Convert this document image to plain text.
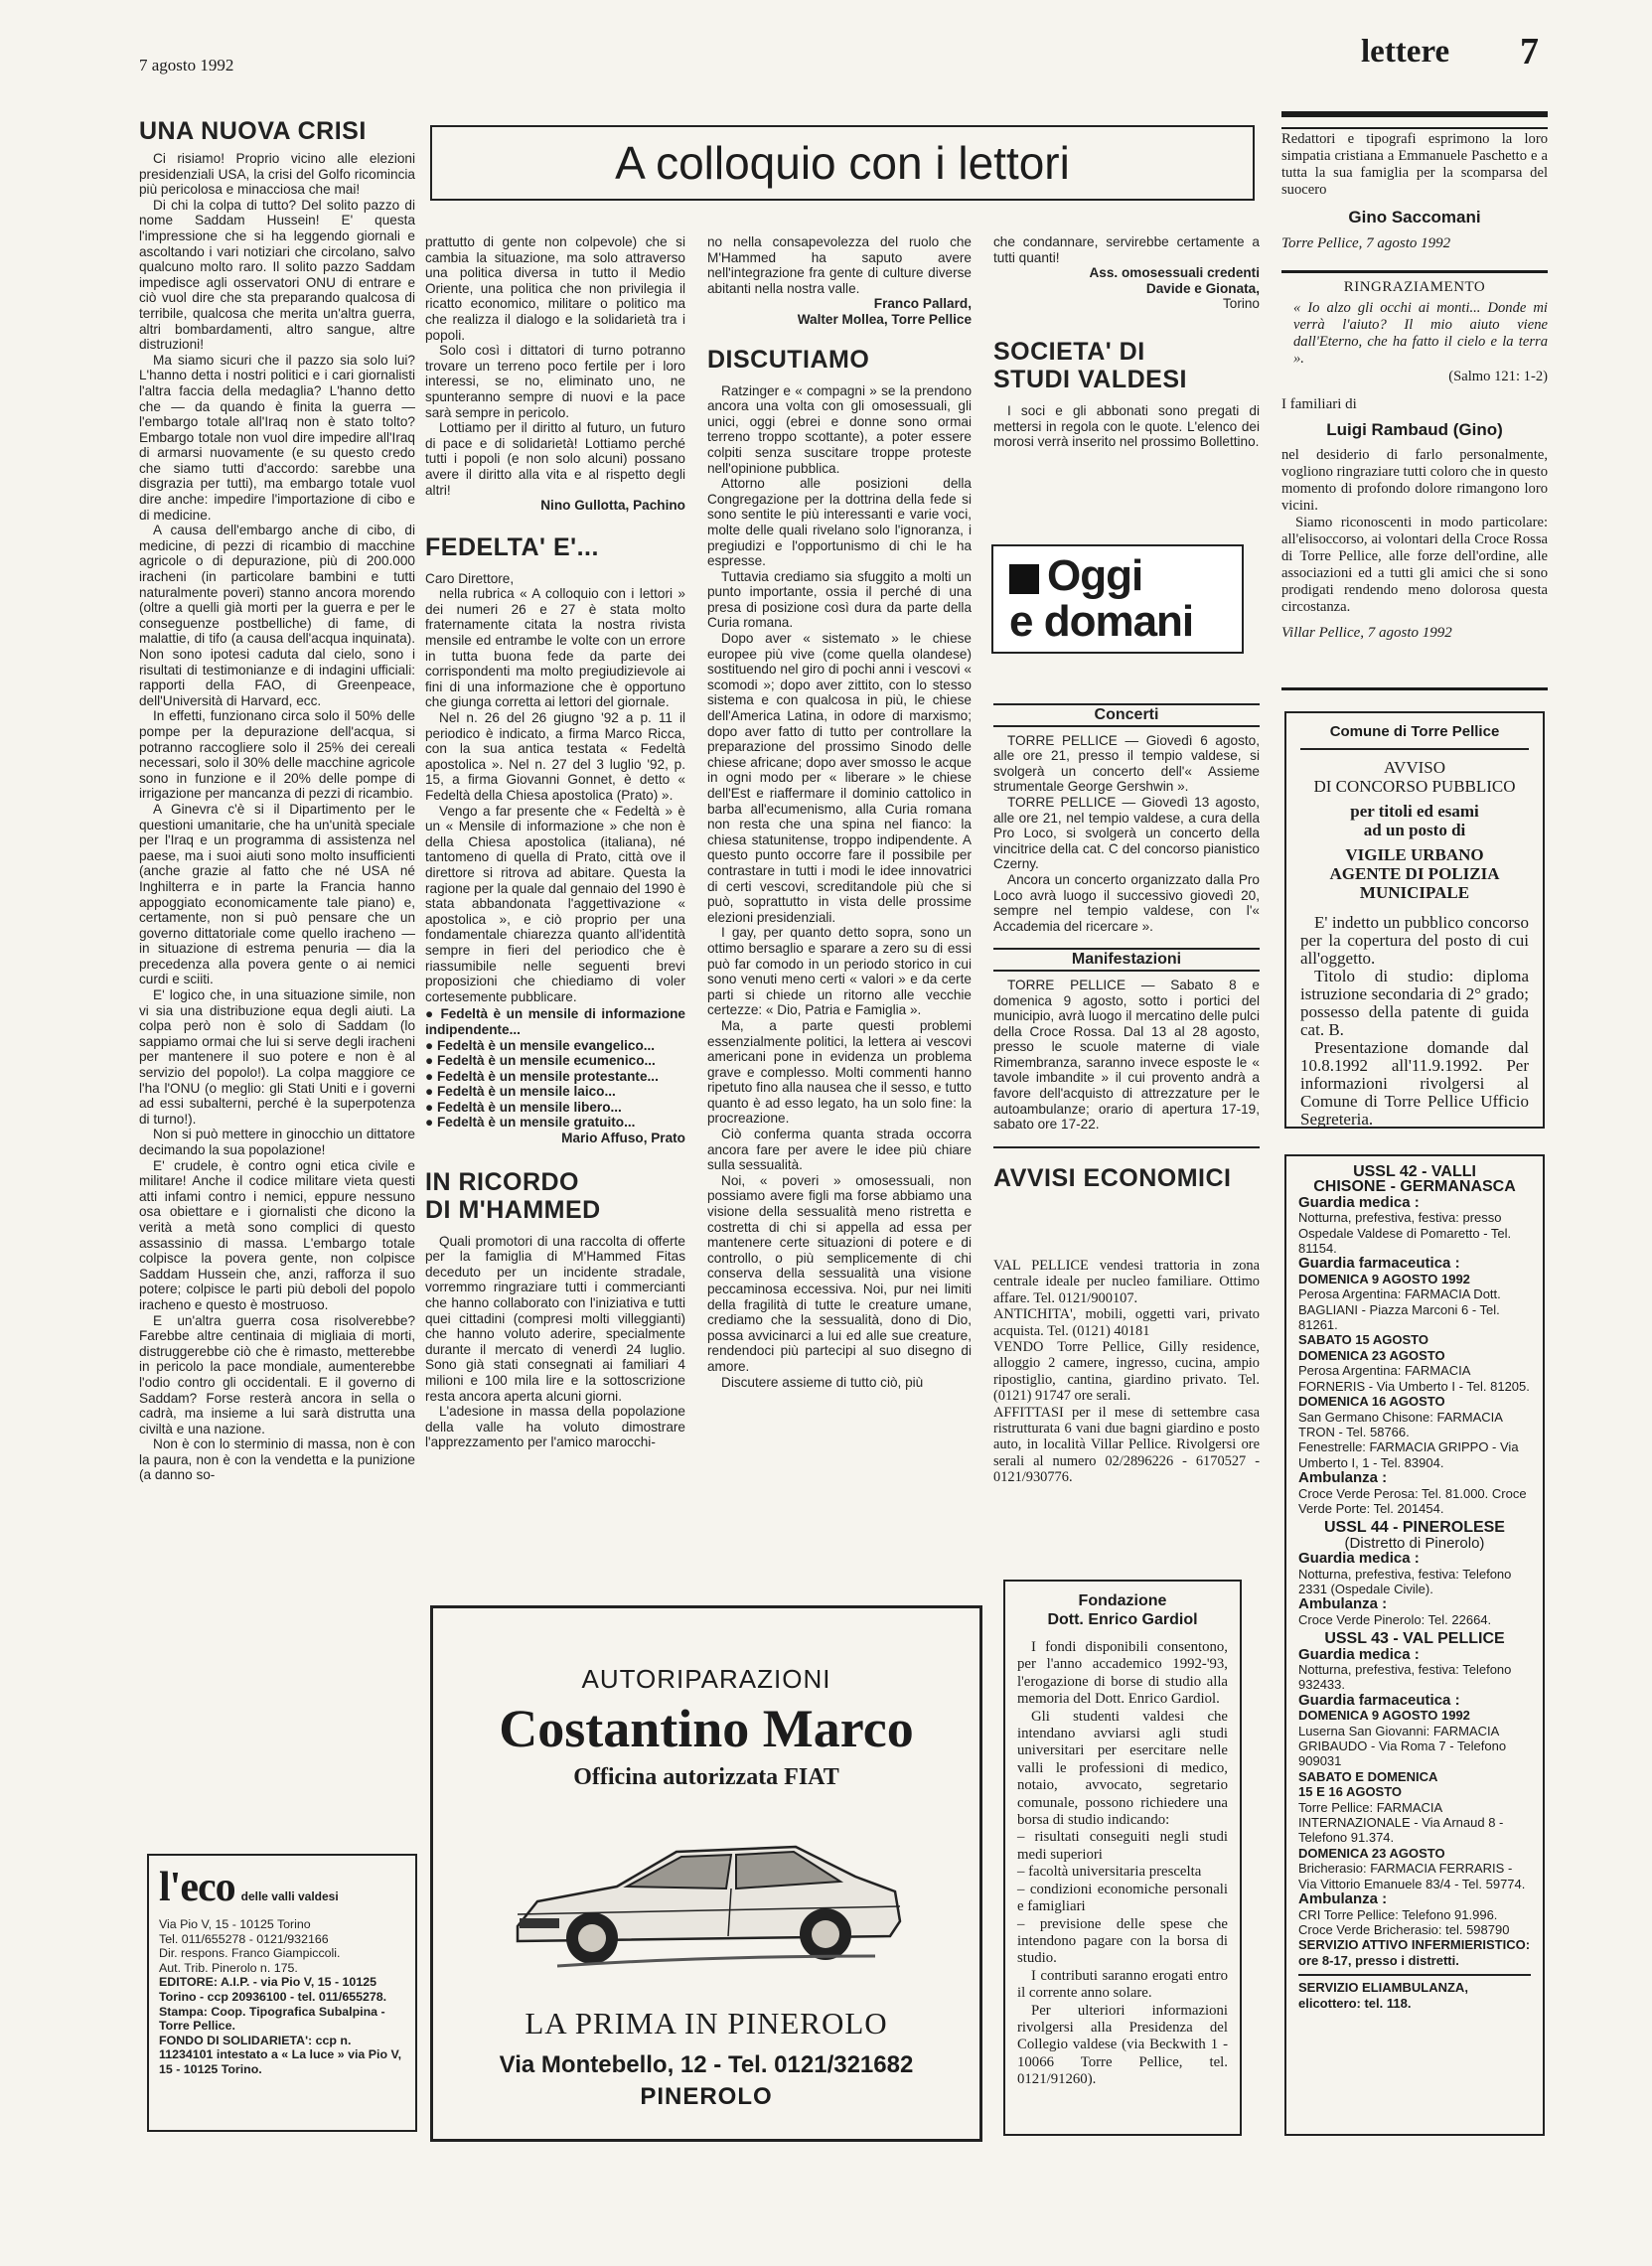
7 agosto 1992	lettere 7
A colloquio con i lettori
UNA NUOVA CRISI

Ci risiamo! Proprio vicino alle elezioni presidenziali USA, la crisi del Golfo ricomincia più pericolosa e minacciosa che mai!

Di chi la colpa di tutto? Del solito pazzo di nome Saddam Hussein! E' questa l'impressione che si ha leggendo giornali e ascoltando i vari notiziari che circolano, salvo qualcuno molto raro. Il solito pazzo Saddam impedisce agli osservatori ONU di entrare e ciò vuol dire che sta preparando qualcosa di terribile, qualcosa che merita un'altra guerra, altri bombardamenti, altro sangue, altre distruzioni!

Ma siamo sicuri che il pazzo sia solo lui? L'hanno detta i nostri politici e i cari giornalisti l'altra faccia della medaglia? L'hanno detto che — da quando è finita la guerra — l'embargo totale all'Iraq non è stato tolto? Embargo totale non vuol dire impedire all'Iraq di armarsi nuovamente (e su questo credo che siamo tutti d'accordo: sarebbe una disgrazia per tutti), ma embargo totale vuol dire anche: impedire l'importazione di cibo e di medicine.

A causa dell'embargo anche di cibo, di medicine, di pezzi di ricambio di macchine agricole o di depurazione, più di 200.000 iracheni (in particolare bambini e tutti naturalmente poveri) stanno ancora morendo (oltre a quelli già morti per la guerra e per le conseguenze postbelliche) di fame, di malattie, di tifo (a causa dell'acqua inquinata). Non sono ipotesi caduta dal cielo, sono i risultati di testimonianze e di indagini ufficiali: rapporti della FAO, di Greenpeace, dell'Università di Harvard, ecc.

In effetti, funzionano circa solo il 50% delle pompe per la depurazione dell'acqua, si potranno raccogliere solo il 25% dei cereali necessari, solo il 30% delle macchine agricole sono in funzione e il 20% delle pompe di irrigazione per mancanza di pezzi di ricambio.

A Ginevra c'è si il Dipartimento per le questioni umanitarie, che ha un'unità speciale per l'Iraq e un programma di assistenza nel paese, ma i suoi aiuti sono molto insufficienti (anche grazie al fatto che né USA né Inghilterra e in parte la Francia hanno appoggiato economicamente tale piano) e, certamente, non si può pensare che un governo dittatoriale come quello iracheno — in situazione di estrema penuria — dia la precedenza alla povera gente o ai nemici curdi e sciiti.

E' logico che, in una situazione simile, non vi sia una distribuzione equa degli aiuti. La colpa però non è solo di Saddam (lo sappiamo ormai che lui si serve degli iracheni per mantenere il suo potere e non è al servizio del popolo!). La colpa maggiore ce l'ha l'ONU (o meglio: gli Stati Uniti e i governi ad essi subalterni, perché è la superpotenza di turno!).

Non si può mettere in ginocchio un dittatore decimando la sua popolazione!

E' crudele, è contro ogni etica civile e militare! Anche il codice militare vieta questi atti infami contro i nemici, eppure nessuno osa obiettare e i giornalisti che dicono la verità a metà sono complici di questo assassinio di massa. L'embargo totale colpisce la povera gente, non colpisce Saddam Hussein che, anzi, rafforza il suo potere; colpisce le parti più deboli del popolo iracheno e questo è mostruoso.

E un'altra guerra cosa risolverebbe? Farebbe altre centinaia di migliaia di morti, distruggerebbe ciò che è rimasto, metterebbe in pericolo la pace mondiale, aumenterebbe l'odio contro gli occidentali. E il governo di Saddam? Forse resterà ancora in sella o cadrà, ma insieme a lui sarà distrutta una civiltà e una nazione.

Non è con lo sterminio di massa, non è con la paura, non è con la vendetta e la punizione (a danno so-

l'eco delle valli valdesi
Via Pio V, 15 - 10125 Torino
Tel. 011/655278 - 0121/932166
Dir. respons. Franco Giampiccoli.
Aut. Trib. Pinerolo n. 175.
EDITORE: A.I.P. - via Pio V, 15 - 10125 Torino - ccp 20936100 - tel. 011/655278.
Stampa: Coop. Tipografica Subalpina - Torre Pellice.
FONDO DI SOLIDARIETA': ccp n. 11234101 intestato a « La luce » via Pio V, 15 - 10125 Torino.

prattutto di gente non colpevole) che si cambia la situazione, ma solo attraverso una politica diversa in tutto il Medio Oriente, una politica che non privilegia il ricatto economico, militare o politico ma che realizza il dialogo e la solidarietà tra i popoli.

Solo così i dittatori di turno potranno trovare un terreno poco fertile per i loro interessi, se no, eliminato uno, ne spunteranno sempre di nuovi e la pace sarà sempre in pericolo.

Lottiamo per il diritto al futuro, un futuro di pace e di solidarietà! Lottiamo perché tutti i popoli (e non solo alcuni) possano avere il diritto alla vita e al rispetto degli altri!

Nino Gullotta, Pachino

FEDELTA' E'...

Caro Direttore,

nella rubrica « A colloquio con i lettori » dei numeri 26 e 27 è stata molto fraternamente citata la nostra rivista mensile ed entrambe le volte con un errore in tutta buona fede da parte dei corrispondenti ma molto pregiudizievole ai fini di una informazione che è opportuno che giunga corretta ai lettori del giornale.

Nel n. 26 del 26 giugno '92 a p. 11 il periodico è indicato, a firma Marco Ricca, con la sua antica testata « Fedeltà apostolica ». Nel n. 27 del 3 luglio '92, p. 15, a firma Giovanni Gonnet, è detto « Fedeltà della Chiesa apostolica (Prato) ».

Vengo a far presente che « Fedeltà » è un « Mensile di informazione » che non è della Chiesa apostolica (italiana), né tantomeno di quella di Prato, città ove il direttore si ritrova ad abitare. Questa la ragione per la quale dal gennaio del 1990 è stata abbandonata l'aggettivazione « apostolica », e ciò proprio per una fondamentale chiarezza quanto all'identità sempre in fieri del periodico che è riassumibile nelle seguenti brevi proposizioni che chiediamo di voler cortesemente pubblicare.

● Fedeltà è un mensile di informazione indipendente...
● Fedeltà è un mensile evangelico...
● Fedeltà è un mensile ecumenico...
● Fedeltà è un mensile protestante...
● Fedeltà è un mensile laico...
● Fedeltà è un mensile libero...
● Fedeltà è un mensile gratuito...

Mario Affuso, Prato

IN RICORDO
DI M'HAMMED

Quali promotori di una raccolta di offerte per la famiglia di M'Hammed Fitas deceduto per un incidente stradale, vorremmo ringraziare tutti i commercianti che hanno collaborato con l'iniziativa e tutti quei cittadini (compresi molti villeggianti) che hanno voluto aderire, specialmente durante il mercato di venerdì 24 luglio. Sono già stati consegnati ai familiari 4 milioni e 100 mila lire e la sottoscrizione resta ancora aperta alcuni giorni.

L'adesione in massa della popolazione della valle ha voluto dimostrare l'apprezzamento per l'amico marocchi-

no nella consapevolezza del ruolo che M'Hammed ha saputo avere nell'integrazione fra gente di culture diverse abitanti nella nostra valle.

Franco Pallard,

Walter Mollea, Torre Pellice

DISCUTIAMO

Ratzinger e « compagni » se la prendono ancora una volta con gli omosessuali, gli unici, oggi (ebrei e donne sono ormai terreno troppo scottante), a poter essere colpiti senza suscitare troppe proteste nell'opinione pubblica.

Attorno alle posizioni della Congregazione per la dottrina della fede si sono sentite le più interessanti e varie voci, molte delle quali rivelano solo l'ignoranza, i pregiudizi e l'opportunismo di chi le ha espresse.

Tuttavia crediamo sia sfuggito a molti un punto importante, ossia il perché di una presa di posizione così dura da parte della Curia romana.

Dopo aver « sistemato » le chiese europee più vive (come quella olandese) sostituendo nel giro di pochi anni i vescovi « scomodi »; dopo aver zittito, con lo stesso sistema e con qualcosa in più, le chiese dell'America Latina, in odore di marxismo; dopo aver fatto di tutto per controllare la preparazione del prossimo Sinodo delle chiese africane; dopo aver smosso le acque in ogni modo per « liberare » le chiese dell'Est e riaffermare il dominio cattolico in barba all'ecumenismo, alla Curia romana non resta che una spina nel fianco: la chiesa statunitense, troppo indipendente. A questo punto occorre fare il possibile per contrastare in tutti i modi le idee innovatrici di certi vescovi, screditandole più che si può, soprattutto in vista delle prossime elezioni presidenziali.

I gay, per quanto detto sopra, sono un ottimo bersaglio e sparare a zero su di essi può far comodo in un periodo storico in cui sono venuti meno certi « valori » e da certe parti si chiede un ritorno alle vecchie certezze: « Dio, Patria e Famiglia ».

Ma, a parte questi problemi essenzialmente politici, la lettera ai vescovi americani pone in evidenza un problema grave e complesso. Molti commenti hanno ripetuto fino alla nausea che il sesso, e tutto quanto è ad esso legato, ha un solo fine: la procreazione.

Ciò conferma quanta strada occorra ancora fare per avere le idee più chiare sulla sessualità.

Noi, « poveri » omosessuali, non possiamo avere figli ma forse abbiamo una visione della sessualità meno ristretta e costretta di chi si appella ad essa per mantenere certe situazioni di potere e di controllo, o più semplicemente di chi conserva della sessualità una visione peccaminosa eccessiva. Noi, pur nei limiti della fragilità di tutte le creature umane, crediamo che la sessualità, dono di Dio, possa avvicinarci a lui ed alle sue creature, rendendoci più partecipi al suo disegno di amore.

Discutere assieme di tutto ciò, più

che condannare, servirebbe certamente a tutti quanti!

Ass. omosessuali credenti

Davide e Gionata,

Torino

SOCIETA' DI
STUDI VALDESI

I soci e gli abbonati sono pregati di mettersi in regola con le quote. L'elenco dei morosi verrà inserito nel prossimo Bollettino.

Oggi
e domani
Concerti

TORRE PELLICE — Giovedì 6 agosto, alle ore 21, presso il tempio valdese, si svolgerà un concerto dell'« Assieme strumentale George Gershwin ».

TORRE PELLICE — Giovedì 13 agosto, alle ore 21, nel tempio valdese, a cura della Pro Loco, si svolgerà un concerto della vincitrice della cat. C del concorso pianistico Czerny.

Ancora un concerto organizzato dalla Pro Loco avrà luogo il successivo giovedì 20, sempre nel tempio valdese, con l'« Accademia del ricercare ».

Manifestazioni

TORRE PELLICE — Sabato 8 e domenica 9 agosto, sotto i portici del municipio, avrà luogo il mercatino delle pulci della Croce Rossa. Dal 13 al 28 agosto, presso le scuole materne di viale Rimembranza, saranno invece esposte le « tavole imbandite » il cui provento andrà a favore dell'acquisto di attrezzature per le autoambulanze; orario di apertura 17-19, sabato ore 17-22.

AVVISI ECONOMICI

VAL PELLICE vendesi trattoria in zona centrale ideale per nucleo familiare. Ottimo affare. Tel. 0121/900107.

ANTICHITA', mobili, oggetti vari, privato acquista. Tel. (0121) 40181

VENDO Torre Pellice, Gilly residence, alloggio 2 camere, ingresso, cucina, ampio ripostiglio, cantina, giardino privato. Tel. (0121) 91747 ore serali.

AFFITTASI per il mese di settembre casa ristrutturata 6 vani due bagni giardino e posto auto, in località Villar Pellice. Rivolgersi ore serali al numero 02/2896226 - 6170527 - 0121/930776.

Fondazione
Dott. Enrico Gardiol

I fondi disponibili consentono, per l'anno accademico 1992-'93, l'erogazione di borse di studio alla memoria del Dott. Enrico Gardiol.

Gli studenti valdesi che intendano avviarsi agli studi universitari per esercitare nelle valli le professioni di medico, notaio, avvocato, segretario comunale, possono richiedere una borsa di studio indicando:

– risultati conseguiti negli studi medi superiori
– facoltà universitaria prescelta
– condizioni economiche personali e famigliari
– previsione delle spese che intendono pagare con la borsa di studio.

I contributi saranno erogati entro il corrente anno solare.

Per ulteriori informazioni rivolgersi alla Presidenza del Collegio valdese (via Beckwith 1 - 10066 Torre Pellice, tel. 0121/91260).

AUTORIPARAZIONI
Costantino Marco
Officina autorizzata FIAT
LA PRIMA IN PINEROLO
Via Montebello, 12 - Tel. 0121/321682
PINEROLO

Redattori e tipografi esprimono la loro simpatia cristiana a Emmanuele Paschetto e a tutta la sua famiglia per la scomparsa del suocero

Gino Saccomani
Torre Pellice, 7 agosto 1992
RINGRAZIAMENTO

« Io alzo gli occhi ai monti... Donde mi verrà l'aiuto? Il mio aiuto viene dall'Eterno, che ha fatto il cielo e la terra ».

(Salmo 121: 1-2)
I familiari di
Luigi Rambaud (Gino)

nel desiderio di farlo personalmente, vogliono ringraziare tutti coloro che in questo momento di profondo dolore rimangono loro vicini.

Siamo riconoscenti in modo particolare: all'elisoccorso, ai volontari della Croce Rossa di Torre Pellice, alle forze dell'ordine, alle associazioni ed a tutti gli amici che si sono prodigati rendendo meno dolorosa questa circostanza.

Villar Pellice, 7 agosto 1992
Comune di Torre Pellice
AVVISO
DI CONCORSO PUBBLICO
per titoli ed esami
ad un posto di
VIGILE URBANO
AGENTE DI POLIZIA
MUNICIPALE

E' indetto un pubblico concorso per la copertura del posto di cui all'oggetto.

Titolo di studio: diploma istruzione secondaria di 2° grado; possesso della patente di guida cat. B.

Presentazione domande dal 10.8.1992 all'11.9.1992. Per informazioni rivolgersi al Comune di Torre Pellice Ufficio Segreteria.

USSL 42 - VALLI
CHISONE - GERMANASCA
Guardia medica :
Notturna, prefestiva, festiva: presso Ospedale Valdese di Pomaretto - Tel. 81154.
Guardia farmaceutica :
DOMENICA 9 AGOSTO 1992
Perosa Argentina: FARMACIA Dott. BAGLIANI - Piazza Marconi 6 - Tel. 81261.
SABATO 15 AGOSTO
DOMENICA 23 AGOSTO
Perosa Argentina: FARMACIA FORNERIS - Via Umberto I - Tel. 81205.
DOMENICA 16 AGOSTO
San Germano Chisone: FARMACIA TRON - Tel. 58766.
Fenestrelle: FARMACIA GRIPPO - Via Umberto I, 1 - Tel. 83904.
Ambulanza :
Croce Verde Perosa: Tel. 81.000. Croce Verde Porte: Tel. 201454.
USSL 44 - PINEROLESE
(Distretto di Pinerolo)
Guardia medica :
Notturna, prefestiva, festiva: Telefono 2331 (Ospedale Civile).
Ambulanza :
Croce Verde Pinerolo: Tel. 22664.
USSL 43 - VAL PELLICE
Guardia medica :
Notturna, prefestiva, festiva: Telefono 932433.
Guardia farmaceutica :
DOMENICA 9 AGOSTO 1992
Luserna San Giovanni: FARMACIA GRIBAUDO - Via Roma 7 - Telefono 909031
SABATO E DOMENICA
15 E 16 AGOSTO
Torre Pellice: FARMACIA INTERNAZIONALE - Via Arnaud 8 - Telefono 91.374.
DOMENICA 23 AGOSTO
Bricherasio: FARMACIA FERRARIS - Via Vittorio Emanuele 83/4 - Tel. 59774.
Ambulanza :
CRI Torre Pellice: Telefono 91.996. Croce Verde Bricherasio: tel. 598790
SERVIZIO ATTIVO INFERMIERISTICO: ore 8-17, presso i distretti.
SERVIZIO ELIAMBULANZA, elicottero: tel. 118.
